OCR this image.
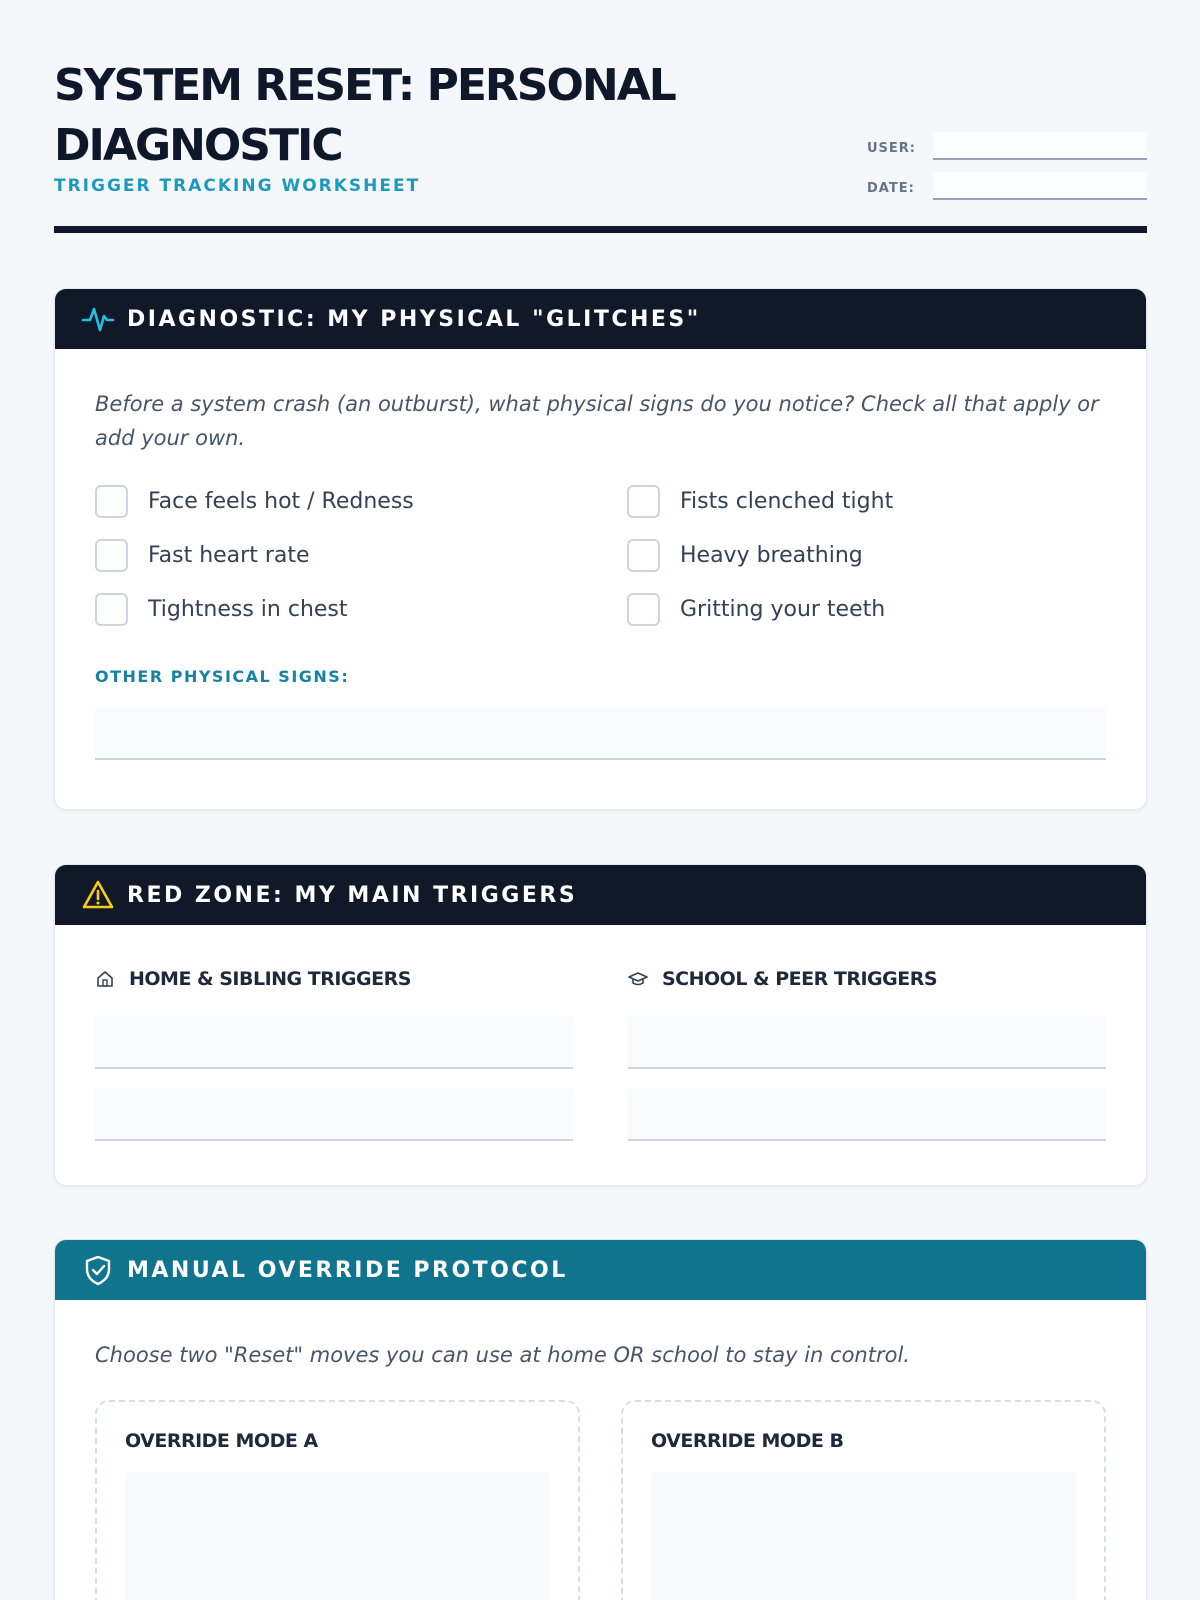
SYSTEM RESET: PERSONAL DIAGNOSTIC
TRIGGER TRACKING WORKSHEET
USER:
DATE:
DIAGNOSTIC: MY PHYSICAL "GLITCHES"
Before a system crash (an outburst), what physical signs do you notice? Check all that apply or add your own.
Face feels hot / Redness	Fists clenched tight
Fast heart rate	Heavy breathing
Tightness in chest	Gritting your teeth
OTHER PHYSICAL SIGNS:
RED ZONE: MY MAIN TRIGGERS
HOME & SIBLING TRIGGERS	SCHOOL & PEER TRIGGERS
MANUAL OVERRIDE PROTOCOL
Choose two "Reset" moves you can use at home OR school to stay in control.
OVERRIDE MODE A	OVERRIDE MODE B
